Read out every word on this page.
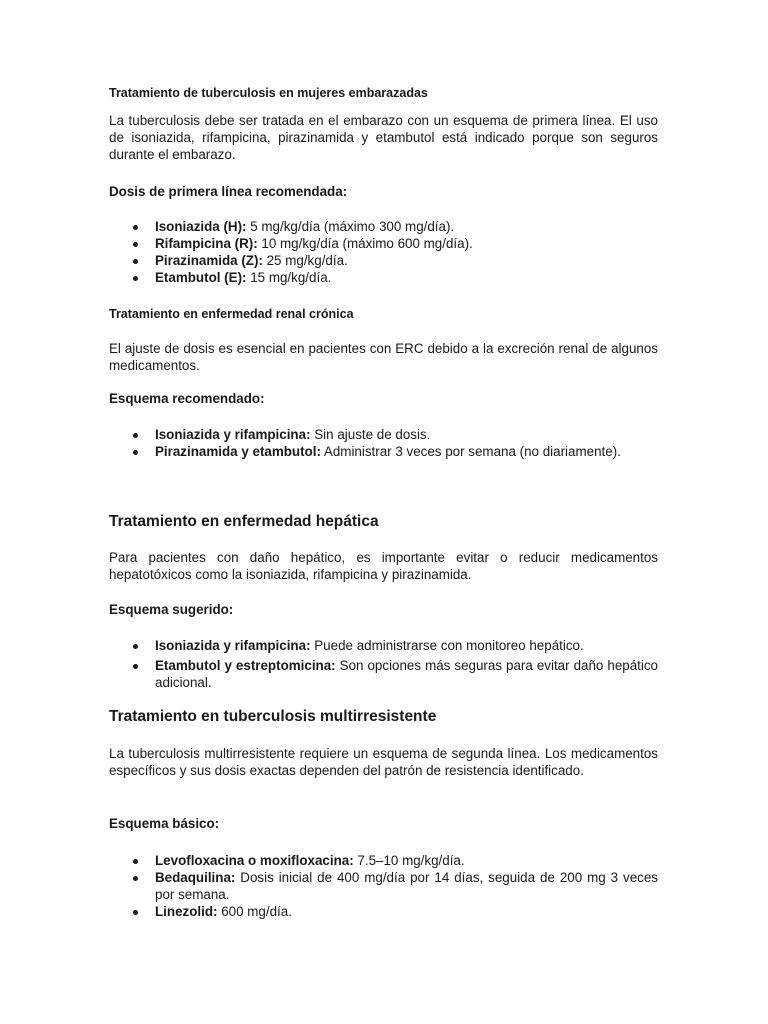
Tratamiento de tuberculosis en mujeres embarazadas

La tuberculosis debe ser tratada en el embarazo con un esquema de primera línea. El uso de isoniazida, rifampicina, pirazinamida y etambutol está indicado porque son seguros durante el embarazo.

Dosis de primera línea recomendada:
Isoniazida (H): 5 mg/kg/día (máximo 300 mg/día).
Rifampicina (R): 10 mg/kg/día (máximo 600 mg/día).
Pirazinamida (Z): 25 mg/kg/día.
Etambutol (E): 15 mg/kg/día.
Tratamiento en enfermedad renal crónica

El ajuste de dosis es esencial en pacientes con ERC debido a la excreción renal de algunos medicamentos.

Esquema recomendado:
Isoniazida y rifampicina: Sin ajuste de dosis.
Pirazinamida y etambutol: Administrar 3 veces por semana (no diariamente).
Tratamiento en enfermedad hepática

Para pacientes con daño hepático, es importante evitar o reducir medicamentos hepatotóxicos como la isoniazida, rifampicina y pirazinamida.

Esquema sugerido:
Isoniazida y rifampicina: Puede administrarse con monitoreo hepático.
Etambutol y estreptomicina: Son opciones más seguras para evitar daño hepático adicional.
Tratamiento en tuberculosis multirresistente

La tuberculosis multirresistente requiere un esquema de segunda línea. Los medicamentos específicos y sus dosis exactas dependen del patrón de resistencia identificado.

Esquema básico:
Levofloxacina o moxifloxacina: 7.5–10 mg/kg/día.
Bedaquilina: Dosis inicial de 400 mg/día por 14 días, seguida de 200 mg 3 veces por semana.
Linezolid: 600 mg/día.
